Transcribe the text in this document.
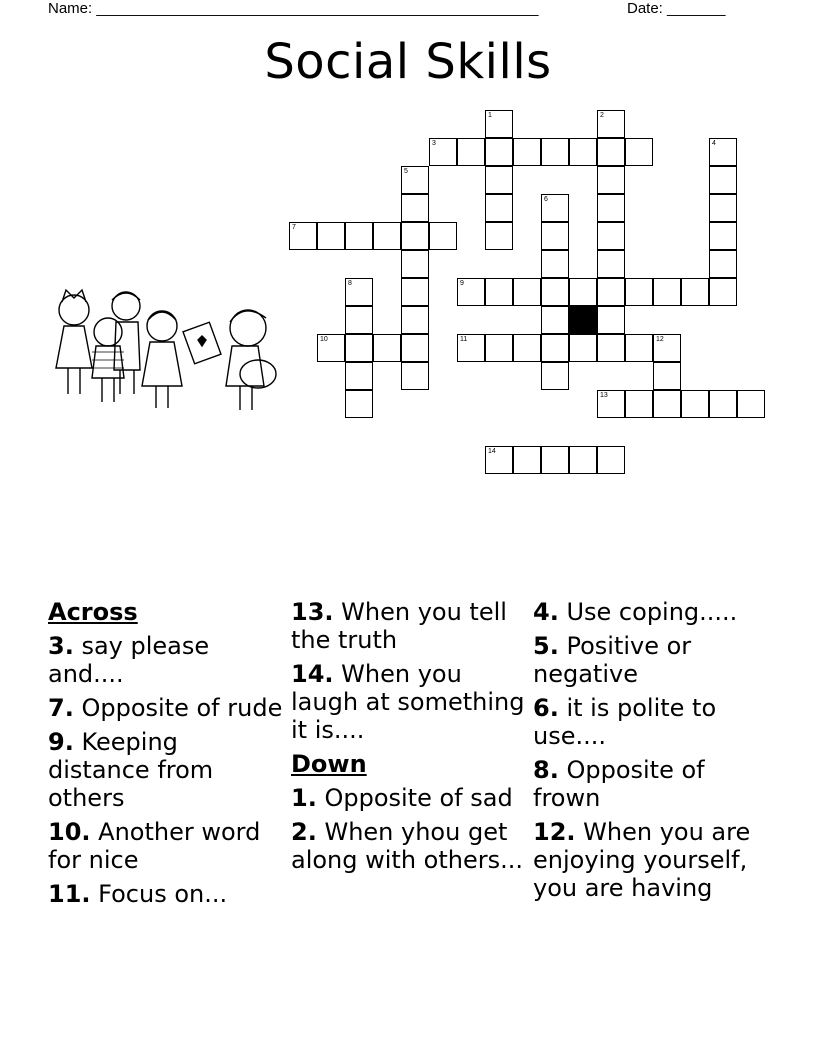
Name: _____________________________________________________	Date: _______
Social Skills
3
7
9
10	11	12
13
14
1	2
4
5
6
8
Across
3. say please and....
7. Opposite of rude
9. Keeping distance from others
10. Another word for nice
11. Focus on...
13. When you tell the truth
14. When you laugh at something it is....
Down
1. Opposite of sad
2. When yhou get along with others...
4. Use coping.....
5. Positive or negative
6. it is polite to use....
8. Opposite of frown
12. When you are enjoying yourself, you are having
